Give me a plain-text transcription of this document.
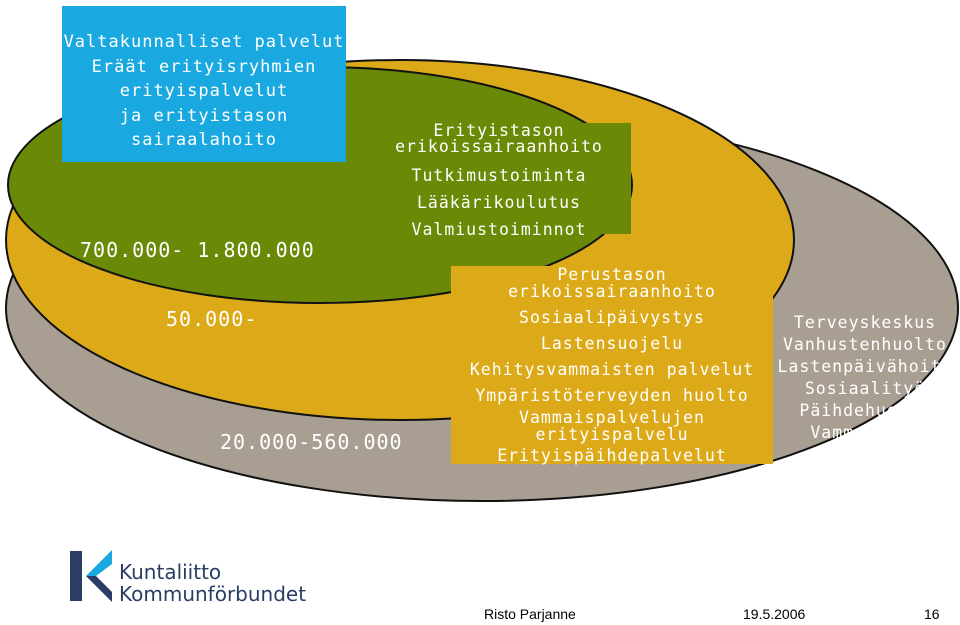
Valtakunnalliset palvelut
Eräät erityisryhmien
erityispalvelut
ja erityistason
sairaalahoito	Erityistason
erikoissairaanhoito
Tutkimustoiminta
Lääkärikoulutus
Valmiustoiminnot
Perustason
erikoissairaanhoito
Sosiaalipäivystys
Lastensuojelu
Kehitysvammaisten palvelut
Ympäristöterveyden huolto
Vammaispalvelujen
erityispalvelu
Erityispäihdepalvelut
Terveyskeskus
Vanhustenhuolto
Lastenpäivähoito
Sosiaalityö
Päihdehuolto
Vammaisten
palvelut
700.000- 1.800.000
50.000-
20.000-560.000
Kuntaliitto
Kommunförbundet
Risto Parjanne	19.5.2006	16
